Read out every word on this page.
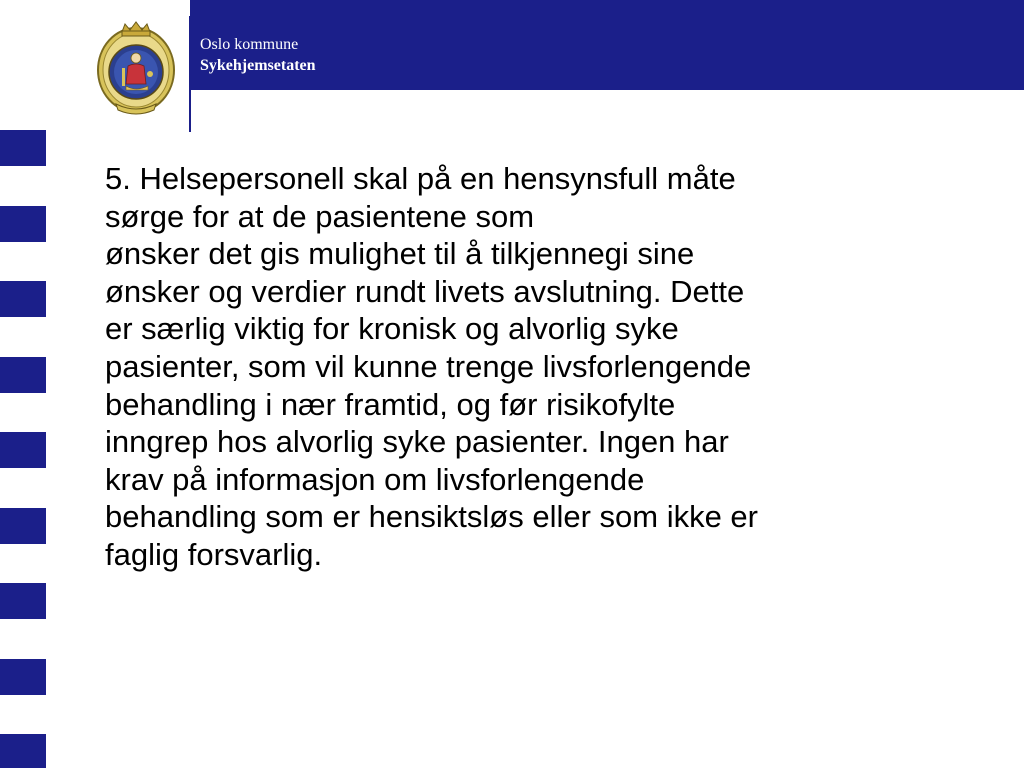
Oslo kommune
Sykehjemsetaten
5. Helsepersonell skal på en hensynsfull måte
sørge for at de pasientene som
ønsker det gis mulighet til å tilkjennegi sine
ønsker og verdier rundt livets avslutning. Dette
er særlig viktig for kronisk og alvorlig syke
pasienter, som vil kunne trenge livsforlengende
behandling i nær framtid, og før risikofylte
inngrep hos alvorlig syke pasienter. Ingen har
krav på informasjon om livsforlengende
behandling som er hensiktsløs eller som ikke er
faglig forsvarlig.
